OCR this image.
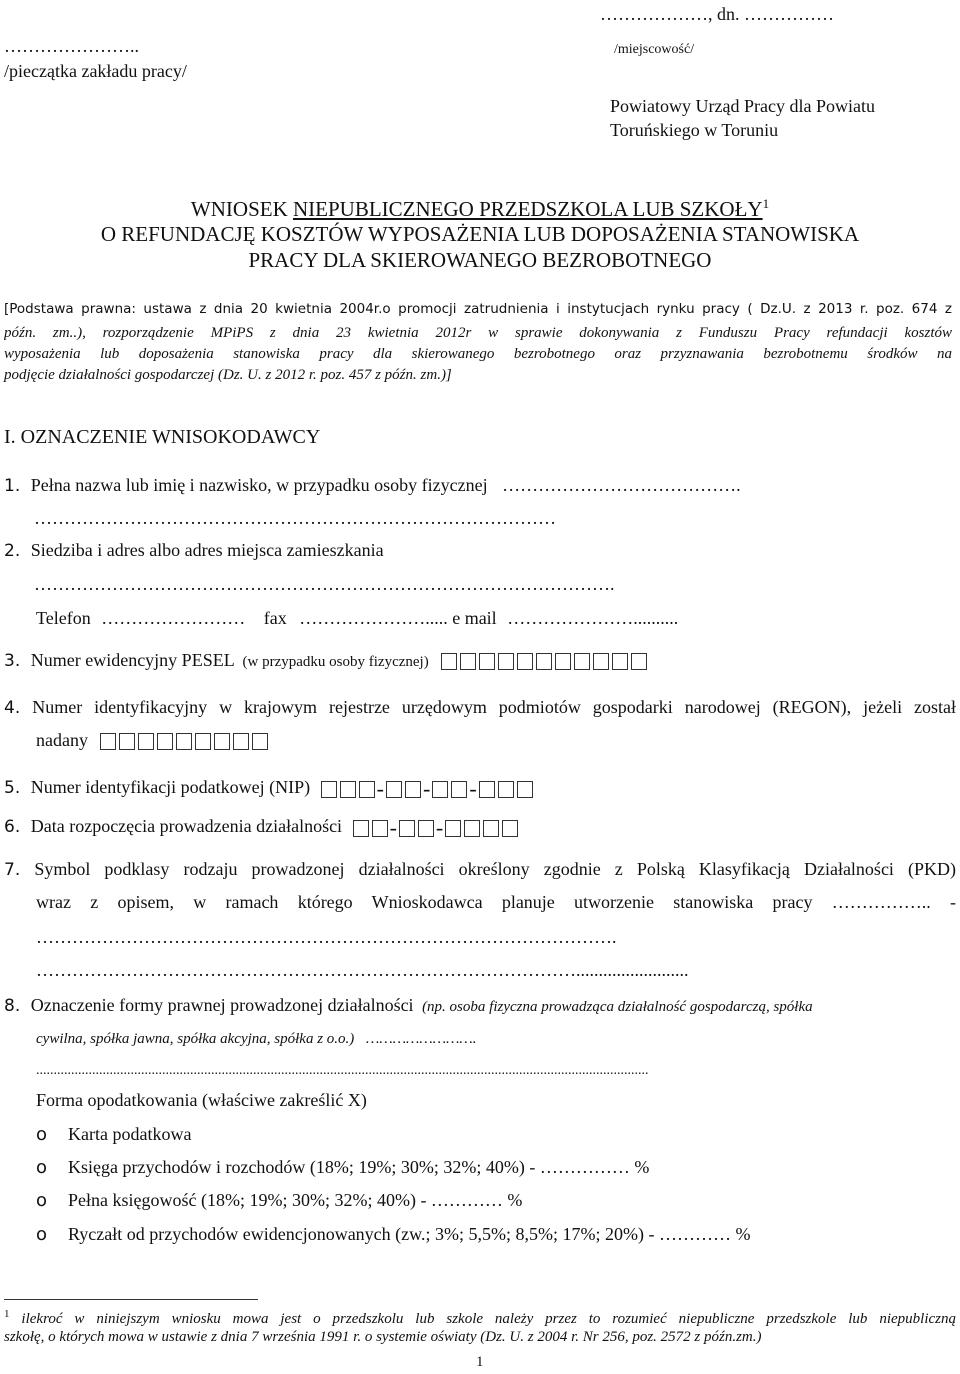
…………………..
/pieczątka zakładu pracy/
………………, dn. ……………
/miejscowość/
Powiatowy Urząd Pracy dla Powiatu
Toruńskiego w Toruniu
WNIOSEK NIEPUBLICZNEGO PRZEDSZKOLA LUB SZKOŁY$^1$
O REFUNDACJĘ KOSZTÓW WYPOSAŻENIA LUB DOPOSAŻENIA STANOWISKA
PRACY DLA SKIEROWANEGO BEZROBOTNEGO
[Podstawa prawna: ustawa z dnia 20 kwietnia 2004r.o promocji zatrudnienia i instytucjach rynku pracy ( Dz.U. z 2013 r. poz. 674 z
późn. zm..), rozporządzenie MPiPS z dnia 23 kwietnia 2012r w sprawie dokonywania z Funduszu Pracy refundacji kosztów
wyposażenia lub doposażenia stanowiska pracy dla skierowanego bezrobotnego oraz przyznawania bezrobotnemu środków na
podjęcie działalności gospodarczej (Dz. U. z 2012 r. poz. 457 z późn. zm.)]
I. OZNACZENIE WNISOKODAWCY
1. Pełna nazwa lub imię i nazwisko, w przypadku osoby fizycznej ………………………………….
……………………………………………………………………………
2. Siedziba i adres albo adres miejsca zamieszkania
…………………………………………………………………………………….
Telefon …………………… fax …………………..... e mail …………………..........
3. Numer ewidencyjny PESEL (w przypadku osoby fizycznej)
4. Numer identyfikacyjny w krajowym rejestrze urzędowym podmiotów gospodarki narodowej (REGON), jeżeli został
nadany
5. Numer identyfikacji podatkowej (NIP)	- - -
6. Data rozpoczęcia prowadzenia działalności - -
7. Symbol podklasy rodzaju prowadzonej działalności określony zgodnie z Polską Klasyfikacją Działalności (PKD)
wraz z opisem, w ramach którego Wnioskodawca planuje utworzenie stanowiska pracy …………….. -
…………………………………………………………………………………….
……………………………………………………………………………….........................
8. Oznaczenie formy prawnej prowadzonej działalności (np. osoba fizyczna prowadząca działalność gospodarczą, spółka
cywilna, spółka jawna, spółka akcyjna, spółka z o.o.) …………………….
...............................................................................................................................................................................
Forma opodatkowania (właściwe zakreślić X)
o Karta podatkowa
o Księga przychodów i rozchodów (18%; 19%; 30%; 32%; 40%) - …………… %
o Pełna księgowość (18%; 19%; 30%; 32%; 40%) - ………… %
o Ryczałt od przychodów ewidencjonowanych (zw.; 3%; 5,5%; 8,5%; 17%; 20%) - ………… %
$^1$ ilekroć w niniejszym wniosku mowa jest o przedszkolu lub szkole należy przez to rozumieć niepubliczne przedszkole lub niepubliczną
szkołę, o których mowa w ustawie z dnia 7 września 1991 r. o systemie oświaty (Dz. U. z 2004 r. Nr 256, poz. 2572 z późn.zm.)
1
